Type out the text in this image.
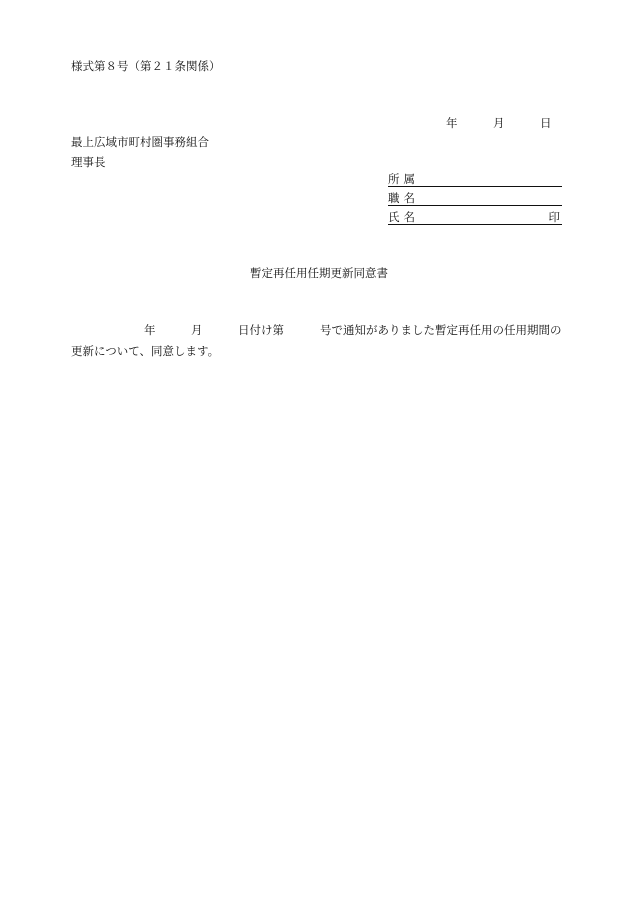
様式第８号（第２１条関係）
年	月	日
最上広域市町村圏事務組合
理事長
所属
職名
氏名	印
暫定再任用任期更新同意書
年	月	日付け第	号で通知がありました暫定再任用の任用期間の
更新について、同意します。
